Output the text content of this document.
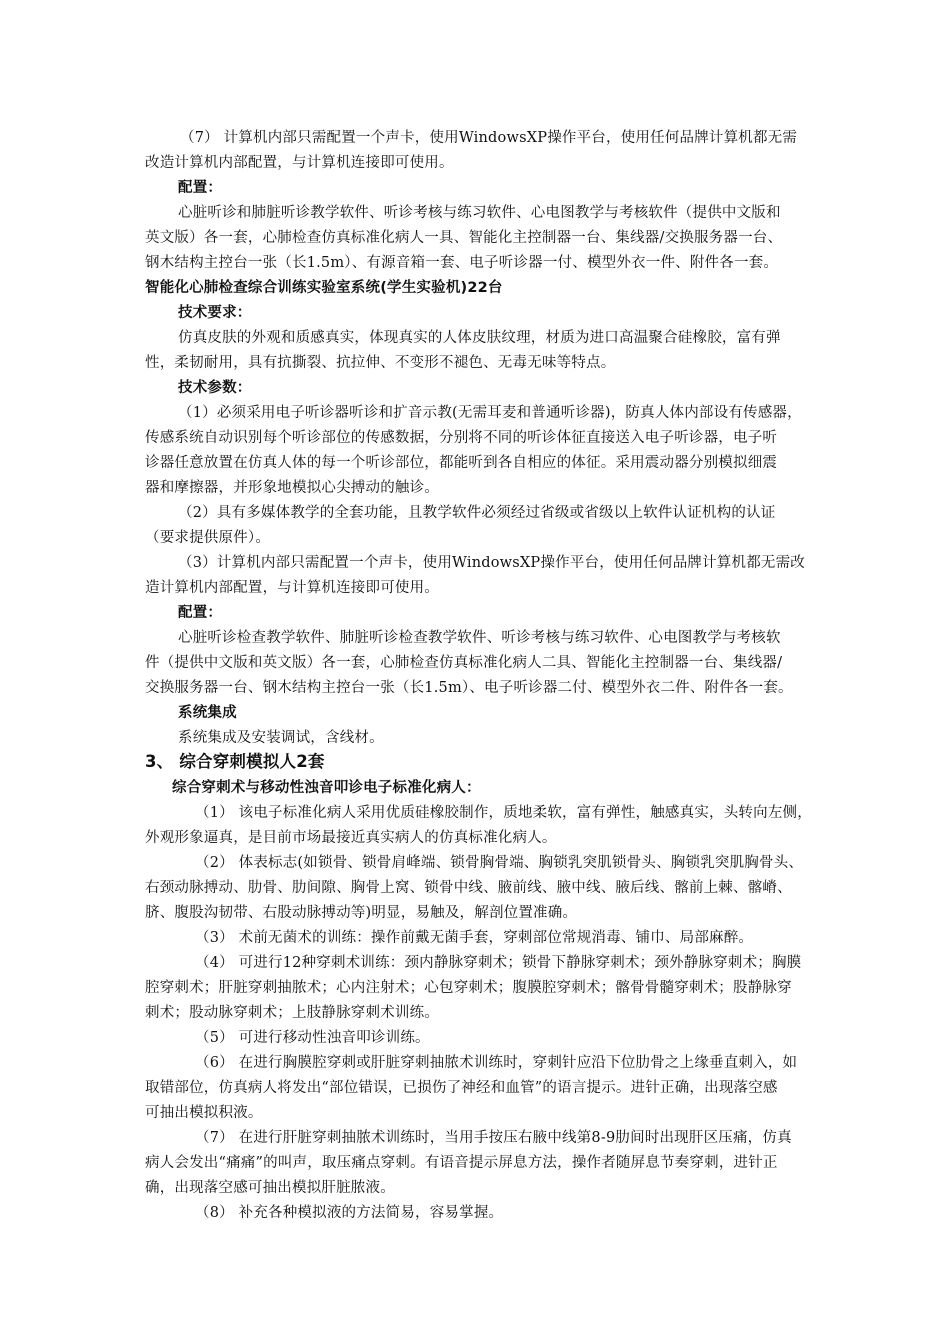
（7） 计算机内部只需配置一个声卡，使用WindowsXP操作平台，使用任何品牌计算机都无需
改造计算机内部配置，与计算机连接即可使用。
配置：
心脏听诊和肺脏听诊教学软件、听诊考核与练习软件、心电图教学与考核软件（提供中文版和
英文版）各一套，心肺检查仿真标准化病人一具、智能化主控制器一台、集线器/交换服务器一台、
钢木结构主控台一张（长1.5m）、有源音箱一套、电子听诊器一付、模型外衣一件、附件各一套。
智能化心肺检查综合训练实验室系统(学生实验机)22台
技术要求：
仿真皮肤的外观和质感真实，体现真实的人体皮肤纹理，材质为进口高温聚合硅橡胶，富有弹
性，柔韧耐用，具有抗撕裂、抗拉伸、不变形不褪色、无毒无味等特点。
技术参数：
（1）必须采用电子听诊器听诊和扩音示教(无需耳麦和普通听诊器)，防真人体内部设有传感器，
传感系统自动识别每个听诊部位的传感数据，分别将不同的听诊体征直接送入电子听诊器，电子听
诊器任意放置在仿真人体的每一个听诊部位，都能听到各自相应的体征。采用震动器分别模拟细震
器和摩擦器，并形象地模拟心尖搏动的触诊。
（2）具有多媒体教学的全套功能，且教学软件必须经过省级或省级以上软件认证机构的认证
（要求提供原件）。
（3）计算机内部只需配置一个声卡，使用WindowsXP操作平台，使用任何品牌计算机都无需改
造计算机内部配置，与计算机连接即可使用。
配置：
心脏听诊检查教学软件、肺脏听诊检查教学软件、听诊考核与练习软件、心电图教学与考核软
件（提供中文版和英文版）各一套，心肺检查仿真标准化病人二具、智能化主控制器一台、集线器/
交换服务器一台、钢木结构主控台一张（长1.5m）、电子听诊器二付、模型外衣二件、附件各一套。
系统集成
系统集成及安装调试，含线材。
3、 综合穿刺模拟人2套
综合穿刺术与移动性浊音叩诊电子标准化病人：
（1） 该电子标准化病人采用优质硅橡胶制作，质地柔软，富有弹性，触感真实，头转向左侧，
外观形象逼真，是目前市场最接近真实病人的仿真标准化病人。
（2） 体表标志(如锁骨、锁骨肩峰端、锁骨胸骨端、胸锁乳突肌锁骨头、胸锁乳突肌胸骨头、
右颈动脉搏动、肋骨、肋间隙、胸骨上窝、锁骨中线、腋前线、腋中线、腋后线、髂前上棘、髂嵴、
脐、腹股沟韧带、右股动脉搏动等)明显，易触及，解剖位置准确。
（3） 术前无菌术的训练：操作前戴无菌手套，穿刺部位常规消毒、铺巾、局部麻醉。
（4） 可进行12种穿刺术训练：颈内静脉穿刺术；锁骨下静脉穿刺术；颈外静脉穿刺术；胸膜
腔穿刺术；肝脏穿刺抽脓术；心内注射术；心包穿刺术；腹膜腔穿刺术；髂骨骨髓穿刺术；股静脉穿
刺术；股动脉穿刺术；上肢静脉穿刺术训练。
（5） 可进行移动性浊音叩诊训练。
（6） 在进行胸膜腔穿刺或肝脏穿刺抽脓术训练时，穿刺针应沿下位肋骨之上缘垂直刺入，如
取错部位，仿真病人将发出“部位错误，已损伤了神经和血管”的语言提示。进针正确，出现落空感
可抽出模拟积液。
（7） 在进行肝脏穿刺抽脓术训练时，当用手按压右腋中线第8-9肋间时出现肝区压痛，仿真
病人会发出“痛痛”的叫声，取压痛点穿刺。有语音提示屏息方法，操作者随屏息节奏穿刺，进针正
确，出现落空感可抽出模拟肝脏脓液。
（8） 补充各种模拟液的方法简易，容易掌握。
